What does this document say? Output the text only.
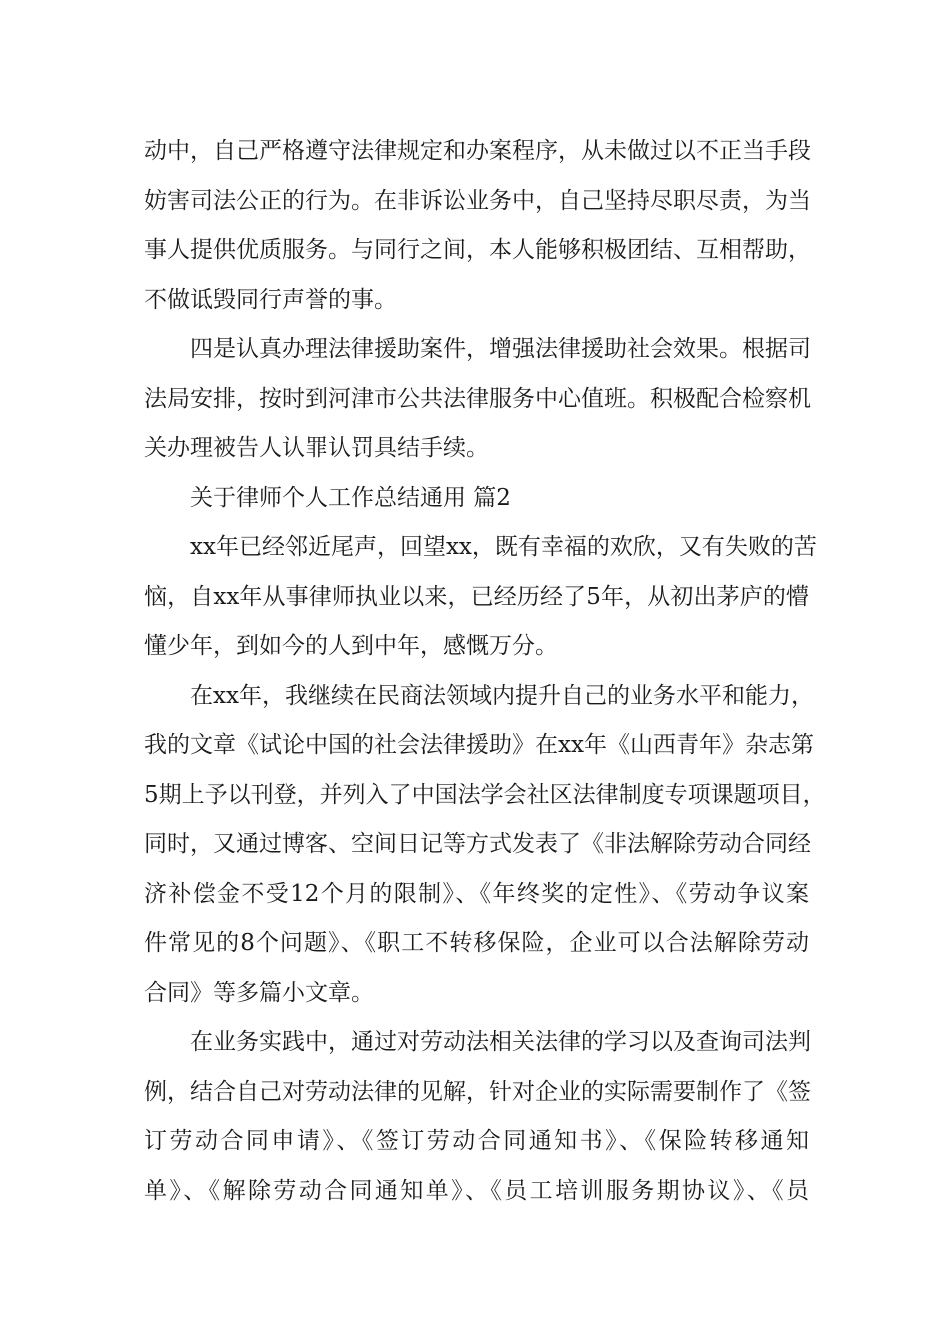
动中，自己严格遵守法律规定和办案程序，从未做过以不正当手段
妨害司法公正的行为。在非诉讼业务中，自己坚持尽职尽责，为当
事人提供优质服务。与同行之间，本人能够积极团结、互相帮助，
不做诋毁同行声誉的事。
四是认真办理法律援助案件，增强法律援助社会效果。根据司
法局安排，按时到河津市公共法律服务中心值班。积极配合检察机
关办理被告人认罪认罚具结手续。
关于律师个人工作总结通用 篇2
xx年已经邻近尾声，回望xx，既有幸福的欢欣，又有失败的苦
恼，自xx年从事律师执业以来，已经历经了5年，从初出茅庐的懵
懂少年，到如今的人到中年，感慨万分。
在xx年，我继续在民商法领域内提升自己的业务水平和能力，
我的文章《试论中国的社会法律援助》在xx年《山西青年》杂志第
5期上予以刊登，并列入了中国法学会社区法律制度专项课题项目，
同时，又通过博客、空间日记等方式发表了《非法解除劳动合同经
济补偿金不受12个月的限制》、《年终奖的定性》、《劳动争议案
件常见的8个问题》、《职工不转移保险，企业可以合法解除劳动
合同》等多篇小文章。
在业务实践中，通过对劳动法相关法律的学习以及查询司法判
例，结合自己对劳动法律的见解，针对企业的实际需要制作了《签
订劳动合同申请》、《签订劳动合同通知书》、《保险转移通知
单》、《解除劳动合同通知单》、《员工培训服务期协议》、《员
